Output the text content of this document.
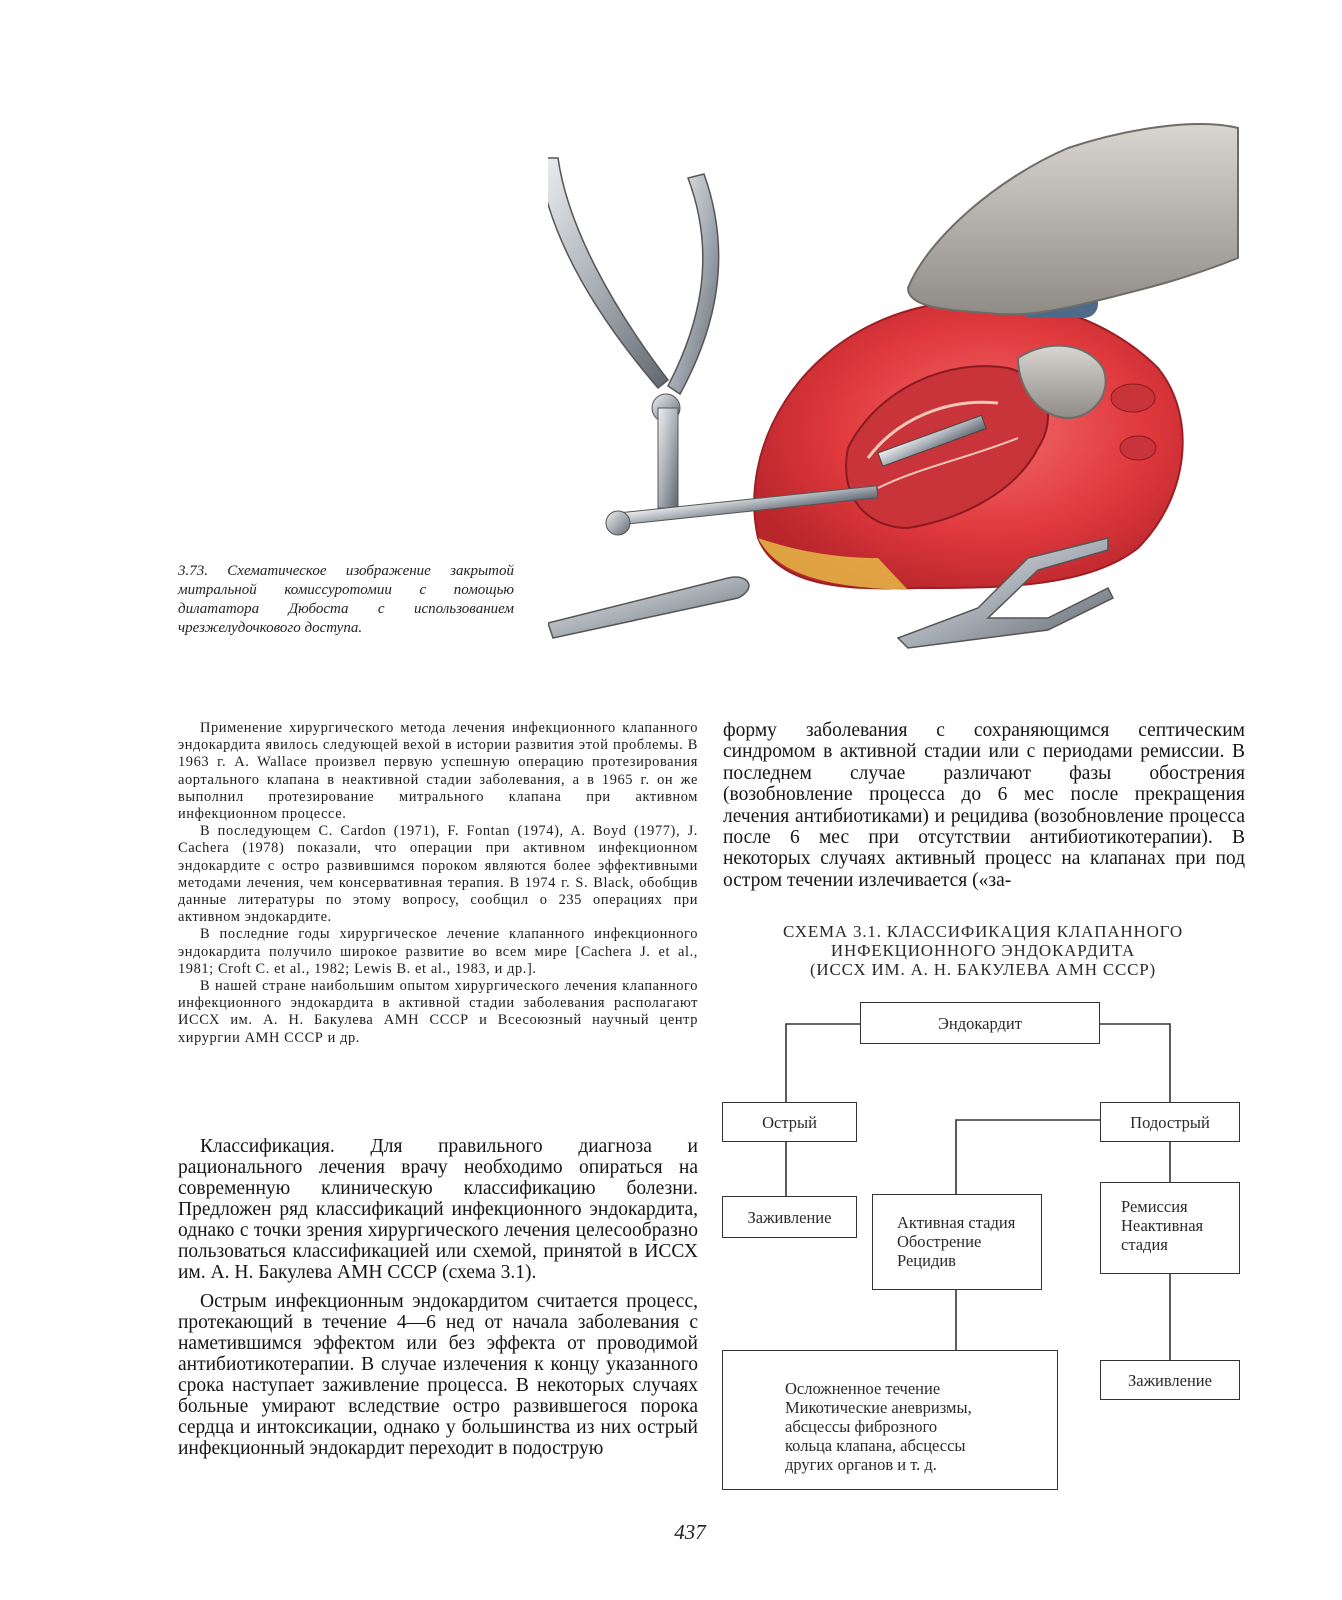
3.73. Схематическое изображение закрытой митральной комиссуротомии с помощью дилататора Дюбоста с использованием чрезжелудочкового доступа.

Применение хирургического метода лечения инфекционного клапанного эндокардита явилось следующей вехой в истории развития этой проблемы. В 1963 г. A. Wallace произвел первую успешную операцию протезирования аортального клапана в неактивной стадии заболевания, а в 1965 г. он же выполнил протезирование митрального клапана при активном инфекционном процессе.

В последующем С. Cardon (1971), F. Fontan (1974), A. Boyd (1977), J. Cachera (1978) показали, что операции при активном инфекционном эндокардите с остро развившимся пороком являются более эффективными методами лечения, чем консервативная терапия. В 1974 г. S. Black, обобщив данные литературы по этому вопросу, сообщил о 235 операциях при активном эндокардите.

В последние годы хирургическое лечение клапанного инфекционного эндокардита получило широкое развитие во всем мире [Cachera J. et al., 1981; Croft C. et al., 1982; Lewis B. et al., 1983, и др.].

В нашей стране наибольшим опытом хирургического лечения клапанного инфекционного эндокардита в активной стадии заболевания располагают ИССХ им. А. Н. Бакулева АМН СССР и Всесоюзный научный центр хирургии АМН СССР и др.

Классификация. Для правильного диагноза и рационального лечения врачу необходимо опираться на современную клиническую классификацию болезни. Предложен ряд классификаций инфекционного эндокардита, однако с точки зрения хирургического лечения целесообразно пользоваться классификацией или схемой, принятой в ИССХ им. А. Н. Бакулева АМН СССР (схема 3.1).

Острым инфекционным эндокардитом считается процесс, протекающий в течение 4—6 нед от начала заболевания с наметившимся эффектом или без эффекта от проводимой антибиотикотерапии. В случае излечения к концу указанного срока наступает заживление процесса. В некоторых случаях больные умирают вследствие остро развившегося порока сердца и интоксикации, однако у большинства из них острый инфекционный эндокардит переходит в подострую

форму заболевания с сохраняющимся септическим синдромом в активной стадии или с периодами ремиссии. В последнем случае различают фазы обострения (возобновление процесса до 6 мес после прекращения лечения антибиотиками) и рецидива (возобновление процесса после 6 мес при отсутствии антибиотикотерапии). В некоторых случаях активный процесс на клапанах при под остром течении излечивается («за-

СХЕМА 3.1. КЛАССИФИКАЦИЯ КЛАПАННОГО
ИНФЕКЦИОННОГО ЭНДОКАРДИТА
(ИССХ ИМ. А. Н. БАКУЛЕВА АМН СССР)
Эндокардит
Острый	Подострый
Заживление	Активная стадия
Обострение
Рецидив
Ремиссия
Неактивная
стадия
Осложненное течение
Микотические аневризмы,
абсцессы фиброзного
кольца клапана, абсцессы
других органов и т. д.
Заживление
437
